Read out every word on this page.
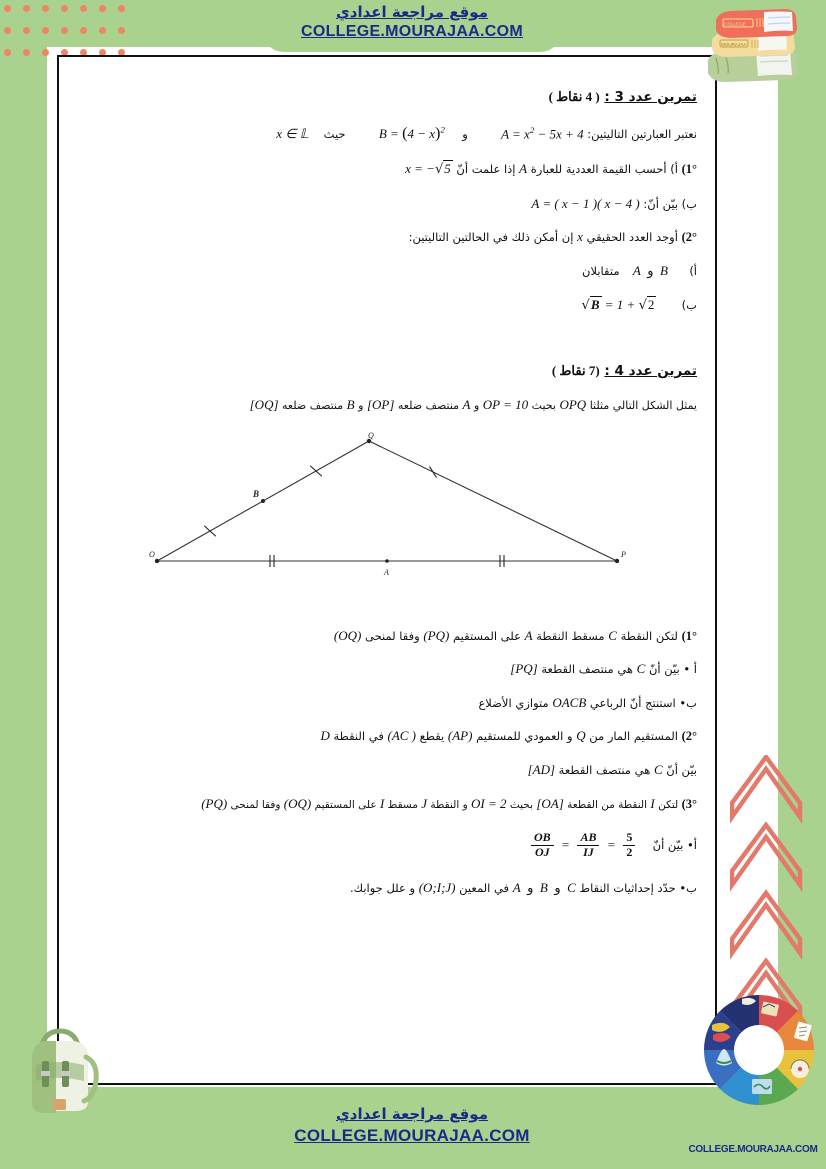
موقع مراجعة اعدادي
COLLEGE.MOURAJAA.COM
MOURAJAA
COLLEGE
تمرين عدد 3 : ( 4 نقاط )
نعتبر العبارتين التاليتين: $A = x^2 - 5x + 4$  و  $B = (4 - x)^2$  حيث  x ∈ 𝕃
1°) أ) أحسب القيمة العددية للعبارة A إذا علمت أنّ x = −√5
ب) بيّن أنّ: A = ( x − 1 )( x − 4 )
2°) أوجد العدد الحقيقي x إن أمكن ذلك في الحالتين التاليتين:
أ)  A  و  B  متقابلان
ب)  √B = 1 + √2
تمرين عدد 4 : (7 نقاط )
يمثل الشكل التالي مثلثا OPQ بحيث OP = 10 و A منتصف ضلعه [OP] و B منتصف ضلعه [OQ]
O
Q
P
A
B
1°) لتكن النقطة C مسقط النقطة A على المستقيم (PQ) وفقا لمنحى (OQ)
أ • بيّن أنّ C هي منتصف القطعة [PQ]
ب• استنتج أنّ الرباعي OACB متوازي الأضلاع
2°) المستقيم المار من Q و العمودي للمستقيم (AP) يقطع (AC ) في النقطة D
بيّن أنّ C هي منتصف القطعة [AD]
3°) لتكن I النقطة من القطعة [OA] بحيث OI = 2 و النقطة J مسقط I على المستقيم (OQ) وفقا لمنحى (PQ)
أ• بيّن أنّ
$\frac{OB}{OJ} = \frac{AB}{IJ} = \frac{5}{2}$
ب• حدّد إحداثيات النقاط A  و  B  و  C في المعين (O;I;J) و علل جوابك.
موقع مراجعة اعدادي
COLLEGE.MOURAJAA.COM
COLLEGE.MOURAJAA.COM
